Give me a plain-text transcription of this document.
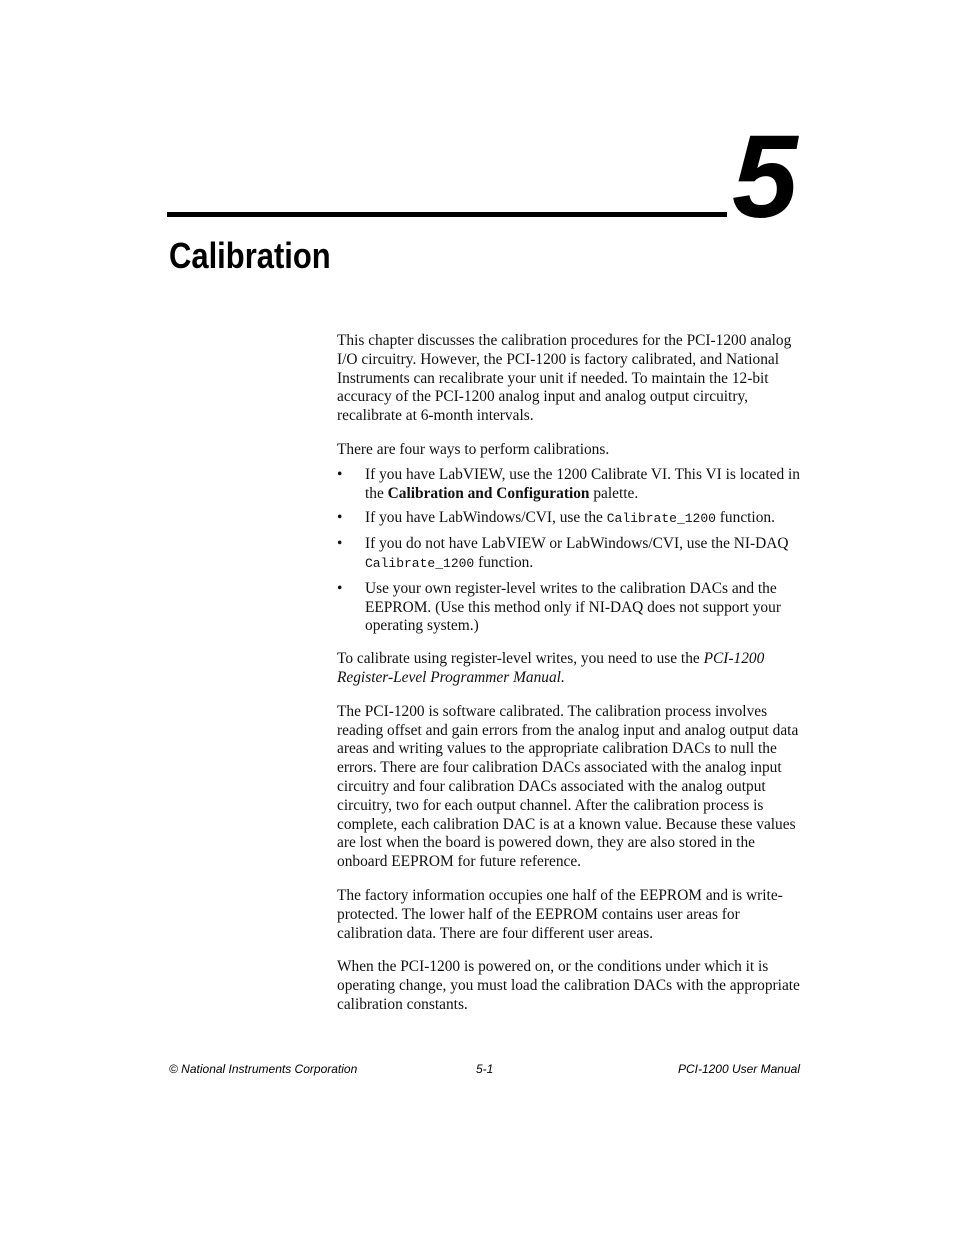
5
Calibration

This chapter discusses the calibration procedures for the PCI-1200 analog I/O circuitry. However, the PCI-1200 is factory calibrated, and National Instruments can recalibrate your unit if needed. To maintain the 12-bit accuracy of the PCI-1200 analog input and analog output circuitry, recalibrate at 6-month intervals.

There are four ways to perform calibrations.

• If you have LabVIEW, use the 1200 Calibrate VI. This VI is located in the Calibration and Configuration palette.
• If you have LabWindows/CVI, use the Calibrate_1200 function.
• If you do not have LabVIEW or LabWindows/CVI, use the NI-DAQ Calibrate_1200 function.
• Use your own register-level writes to the calibration DACs and the EEPROM. (Use this method only if NI-DAQ does not support your operating system.)

To calibrate using register-level writes, you need to use the PCI-1200 Register-Level Programmer Manual.

The PCI-1200 is software calibrated. The calibration process involves reading offset and gain errors from the analog input and analog output data areas and writing values to the appropriate calibration DACs to null the errors. There are four calibration DACs associated with the analog input circuitry and four calibration DACs associated with the analog output circuitry, two for each output channel. After the calibration process is complete, each calibration DAC is at a known value. Because these values are lost when the board is powered down, they are also stored in the onboard EEPROM for future reference.

The factory information occupies one half of the EEPROM and is write-protected. The lower half of the EEPROM contains user areas for calibration data. There are four different user areas.

When the PCI-1200 is powered on, or the conditions under which it is operating change, you must load the calibration DACs with the appropriate calibration constants.

© National Instruments Corporation	5-1	PCI-1200 User Manual
